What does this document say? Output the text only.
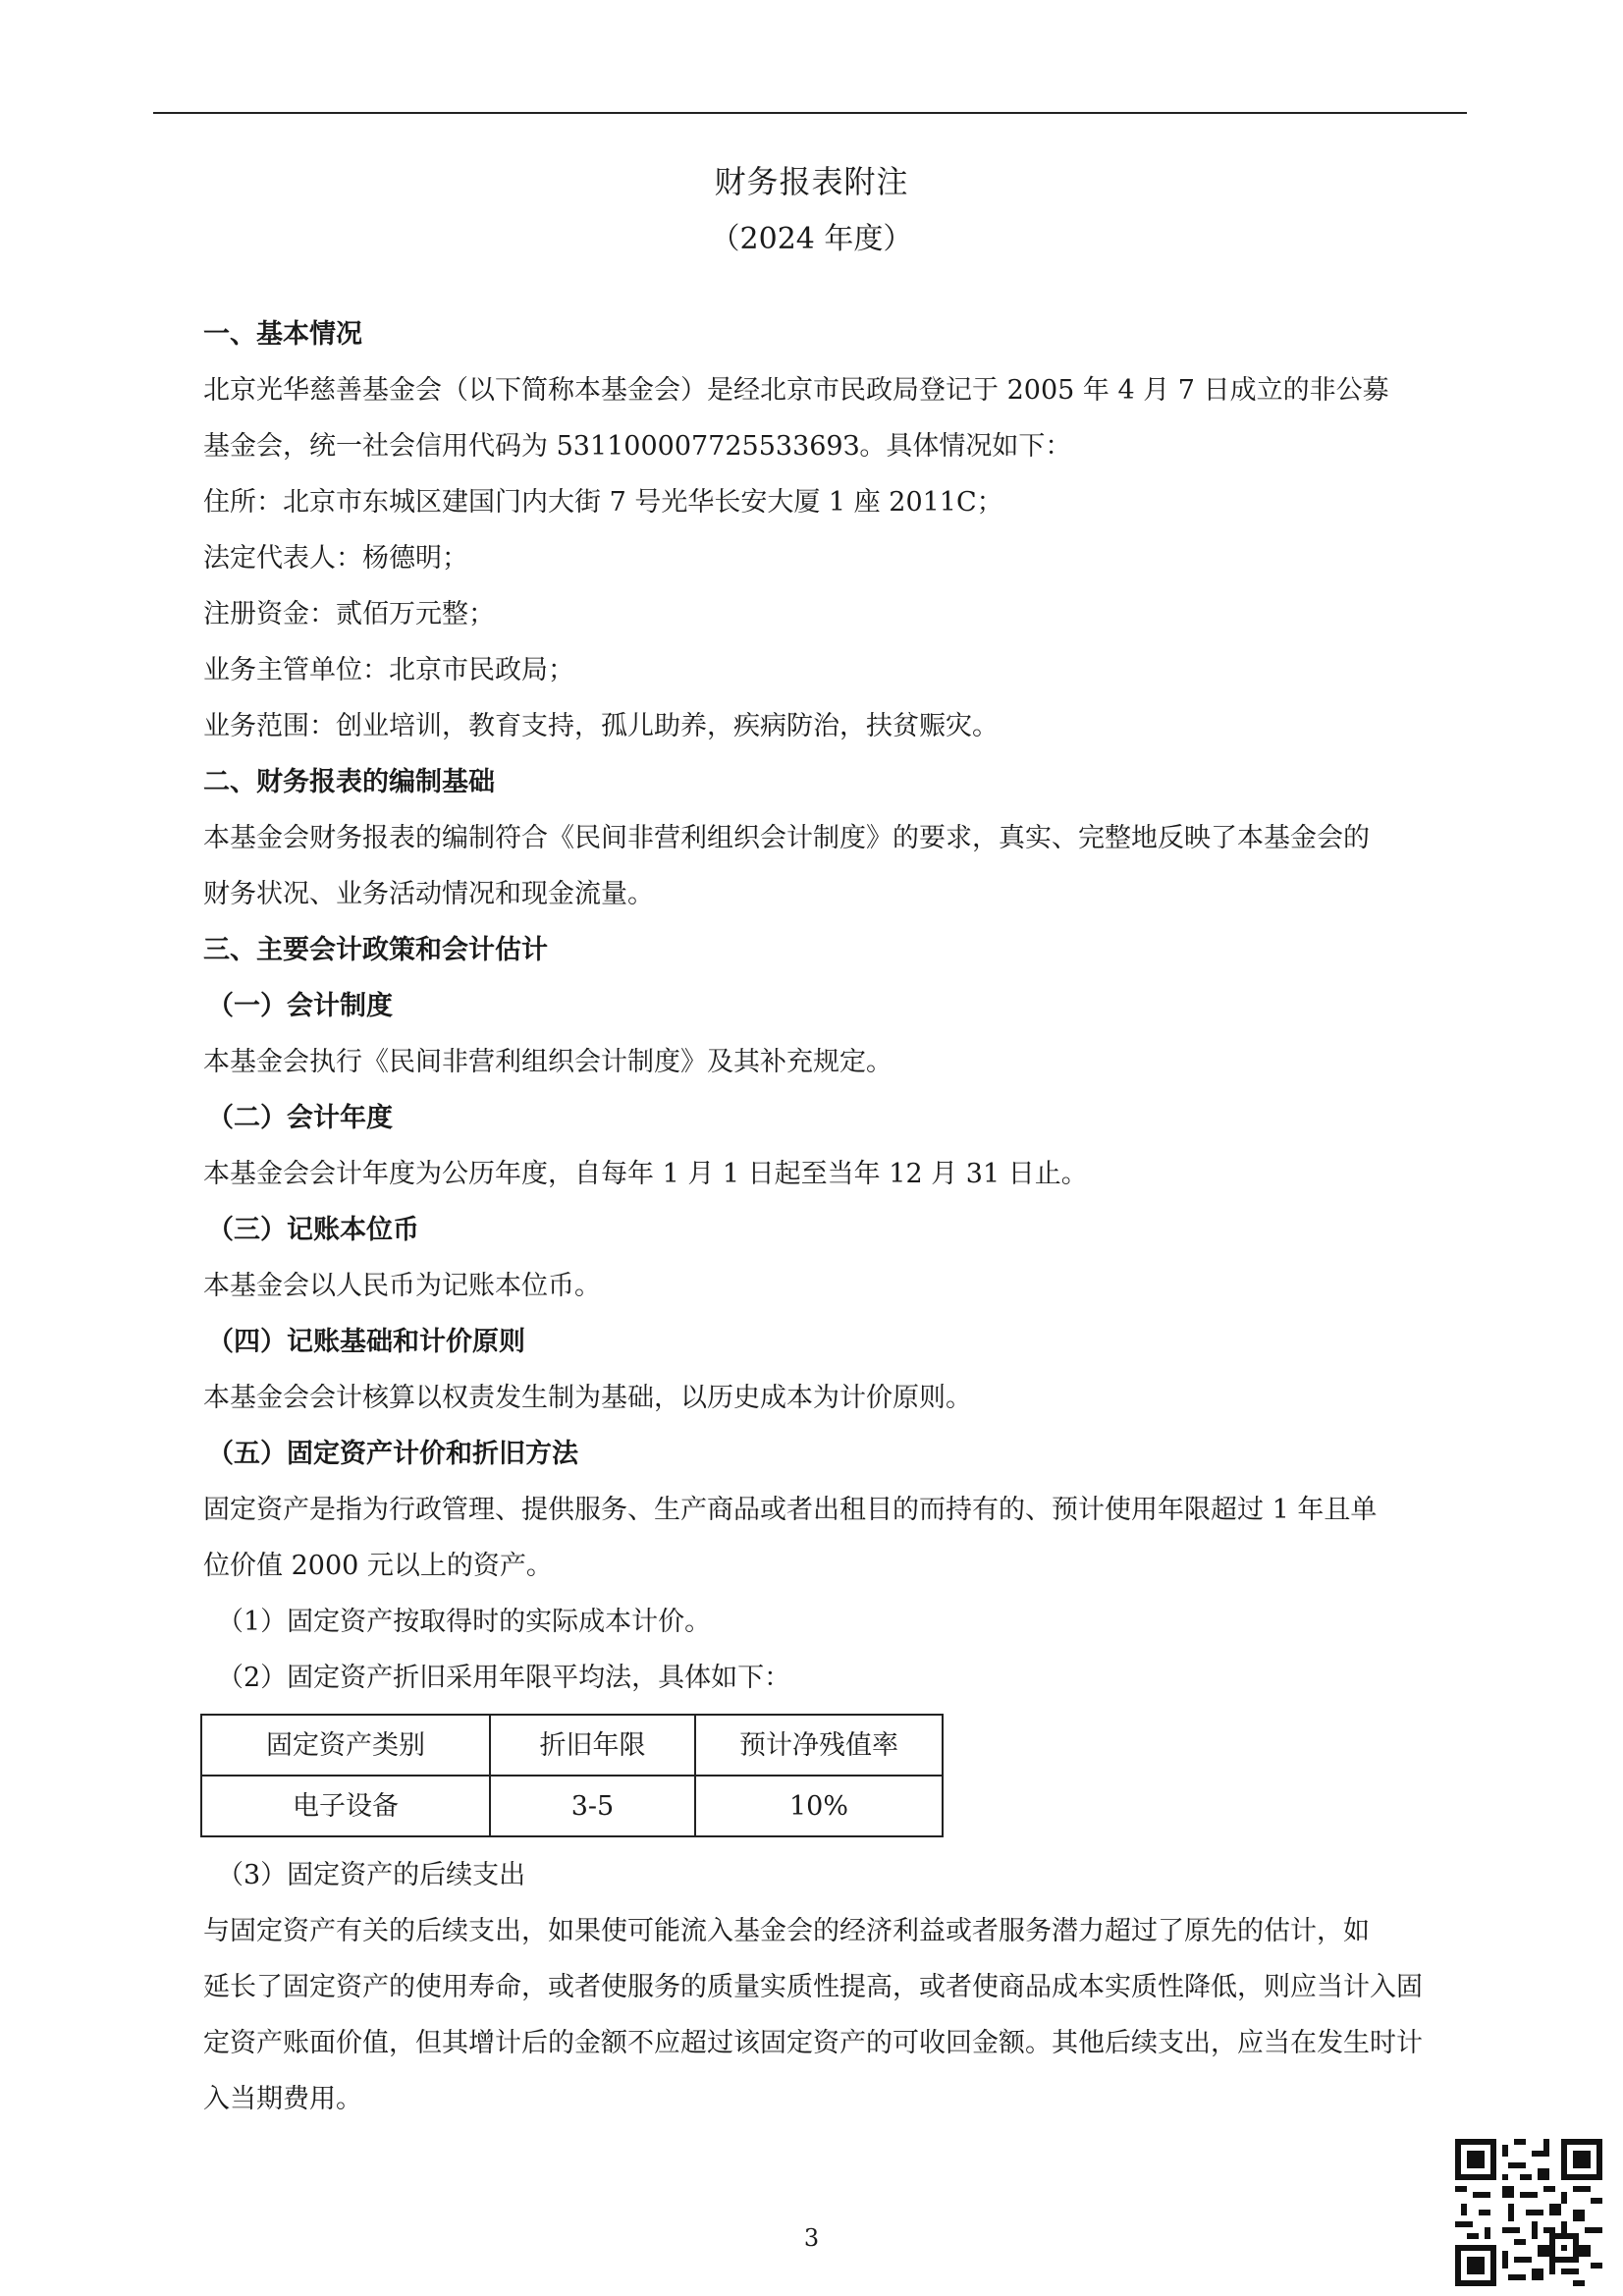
财务报表附注
（2024 年度）

一、基本情况

北京光华慈善基金会（以下简称本基金会）是经北京市民政局登记于 2005 年 4 月 7 日成立的非公募

基金会，统一社会信用代码为 53110000772553369З。具体情况如下：

住所：北京市东城区建国门内大街 7 号光华长安大厦 1 座 2011C；

法定代表人：杨德明；

注册资金：贰佰万元整；

业务主管单位：北京市民政局；

业务范围：创业培训，教育支持，孤儿助养，疾病防治，扶贫赈灾。

二、财务报表的编制基础

本基金会财务报表的编制符合《民间非营利组织会计制度》的要求，真实、完整地反映了本基金会的

财务状况、业务活动情况和现金流量。

三、主要会计政策和会计估计

（一）会计制度

本基金会执行《民间非营利组织会计制度》及其补充规定。

（二）会计年度

本基金会会计年度为公历年度，自每年 1 月 1 日起至当年 12 月 31 日止。

（三）记账本位币

本基金会以人民币为记账本位币。

（四）记账基础和计价原则

本基金会会计核算以权责发生制为基础，以历史成本为计价原则。

（五）固定资产计价和折旧方法

固定资产是指为行政管理、提供服务、生产商品或者出租目的而持有的、预计使用年限超过 1 年且单

位价值 2000 元以上的资产。

（1）固定资产按取得时的实际成本计价。

（2）固定资产折旧采用年限平均法，具体如下：

固定资产类别	折旧年限	预计净残值率
电子设备	3-5	10%

（3）固定资产的后续支出

与固定资产有关的后续支出，如果使可能流入基金会的经济利益或者服务潜力超过了原先的估计，如

延长了固定资产的使用寿命，或者使服务的质量实质性提高，或者使商品成本实质性降低，则应当计入固

定资产账面价值，但其增计后的金额不应超过该固定资产的可收回金额。其他后续支出，应当在发生时计

入当期费用。

3
